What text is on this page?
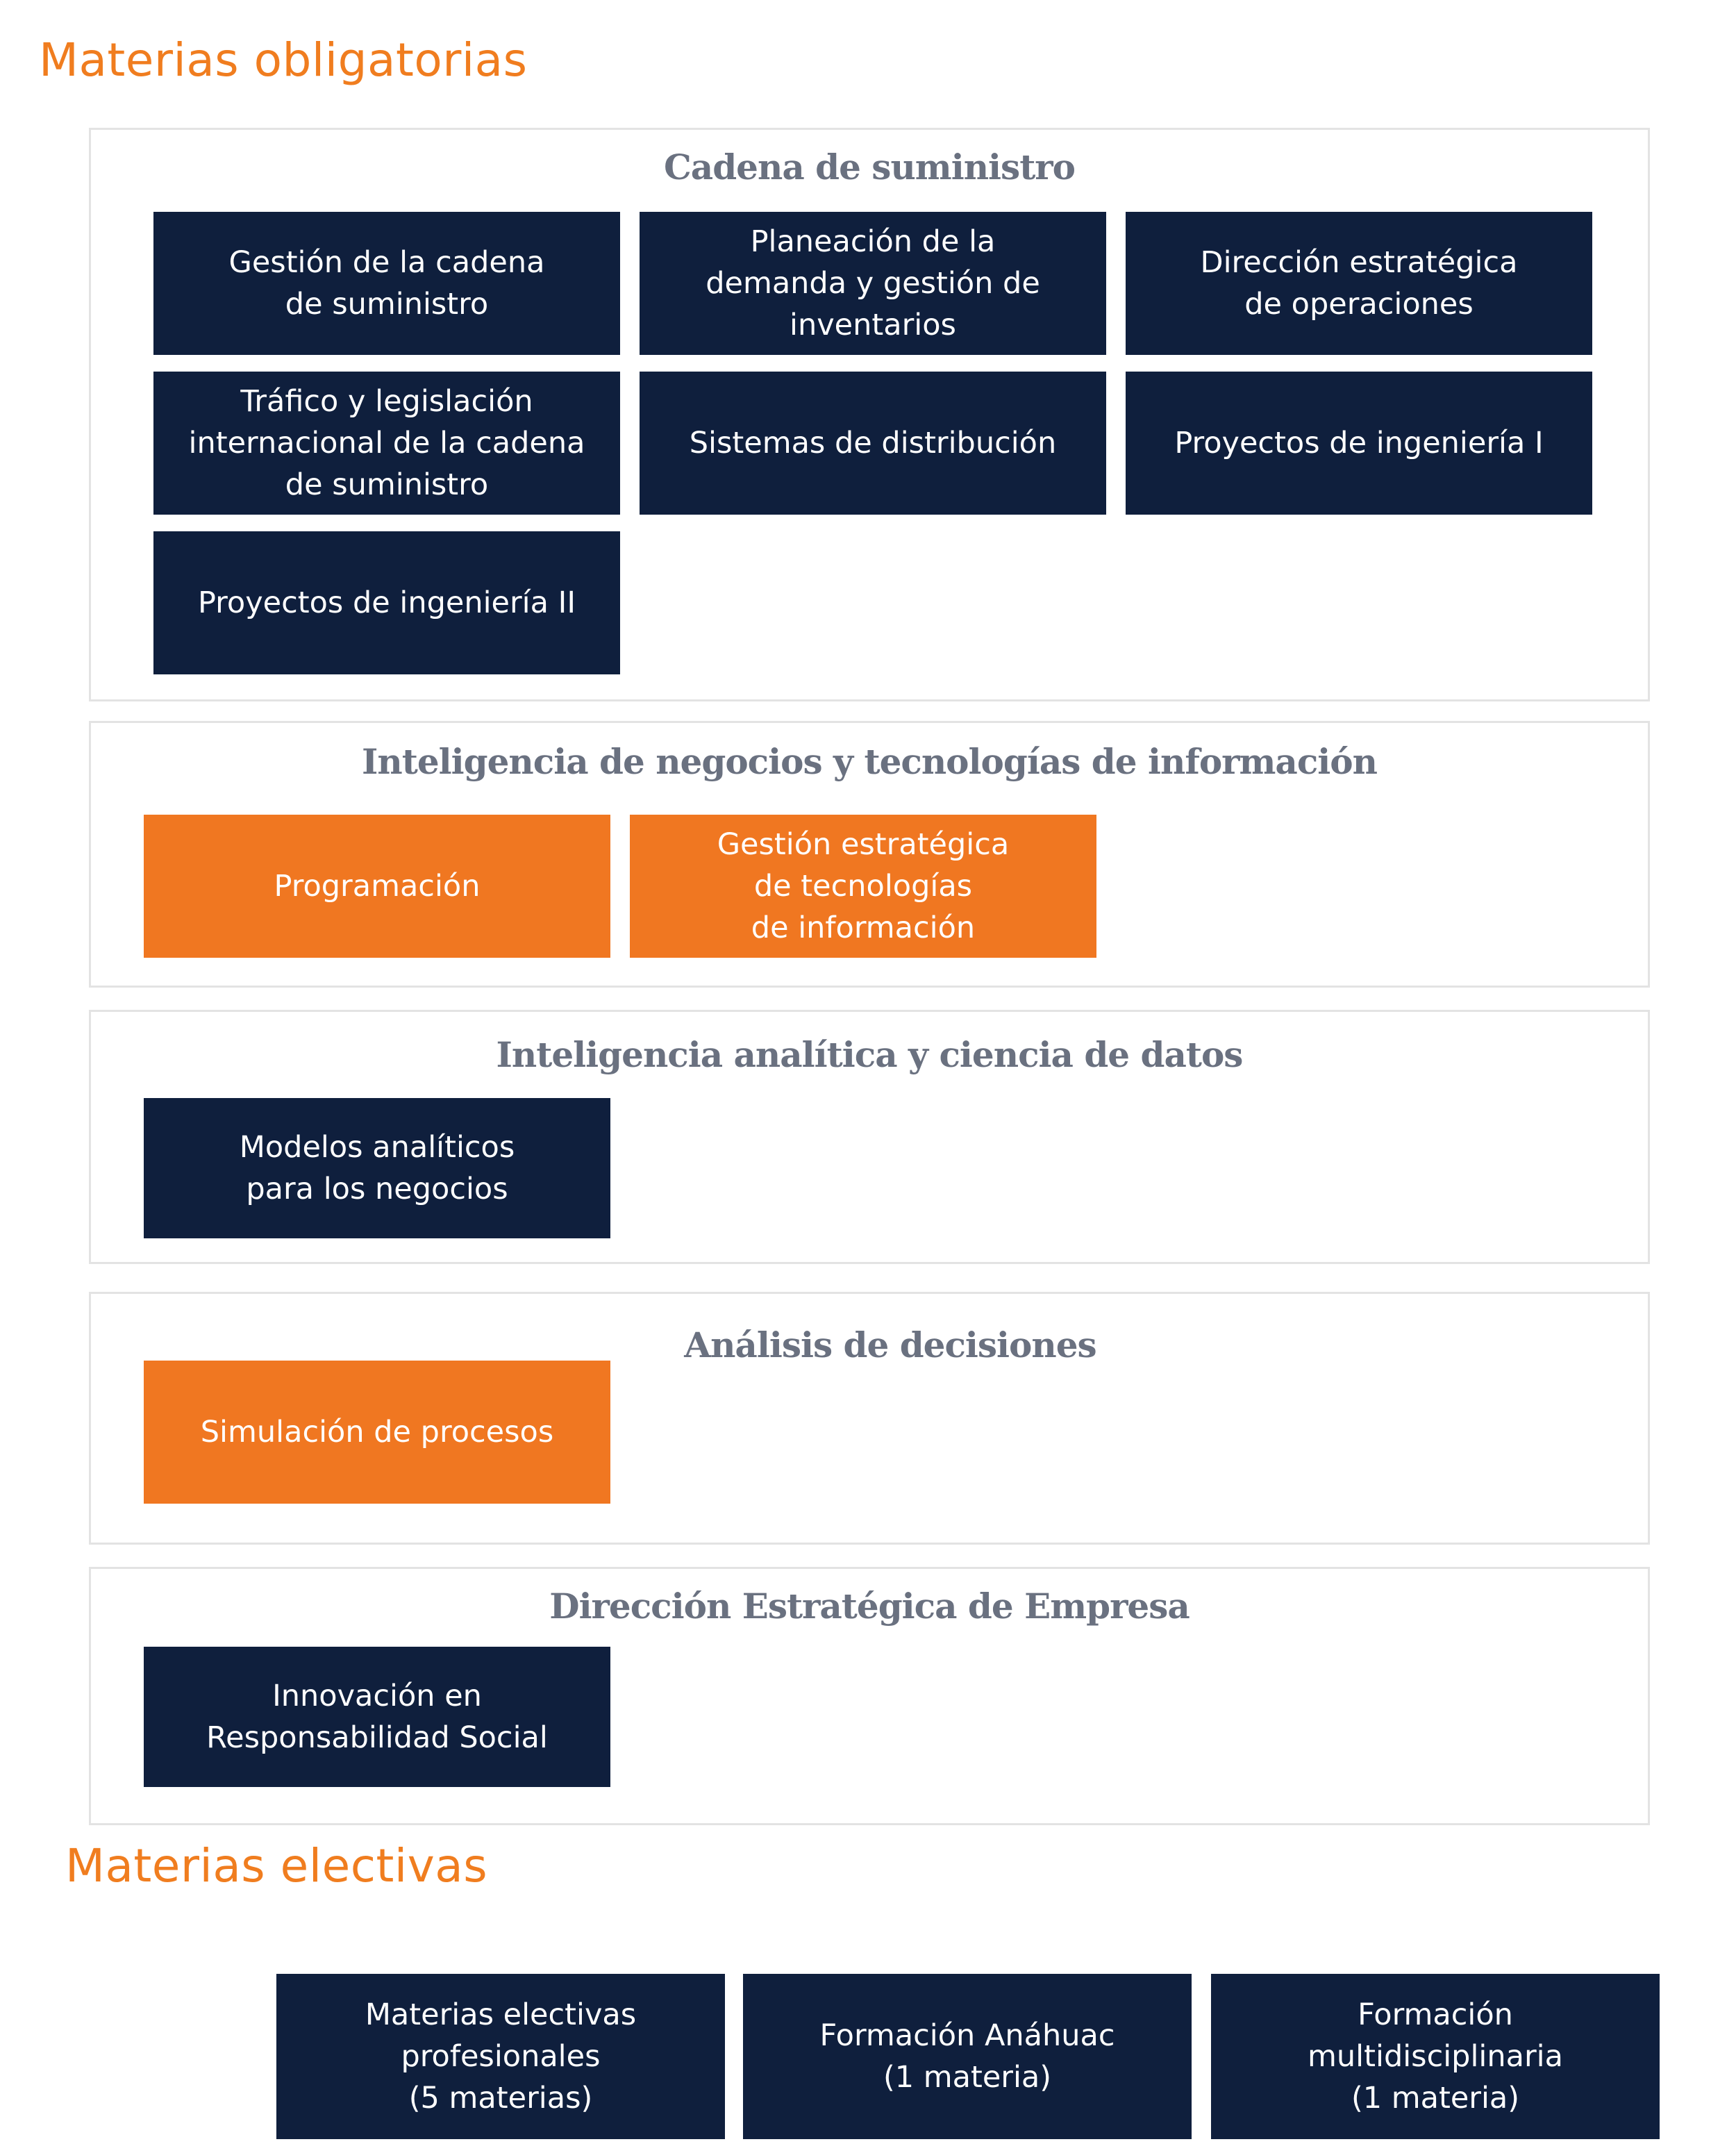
Materias obligatorias
Cadena de suministro
Gestión de la cadena
de suministro
Planeación de la
demanda y gestión de
inventarios
Dirección estratégica
de operaciones
Tráfico y legislación
internacional de la cadena
de suministro
Sistemas de distribución	Proyectos de ingeniería I
Proyectos de ingeniería II
Inteligencia de negocios y tecnologías de información
Programación
Gestión estratégica
de tecnologías
de información
Inteligencia analítica y ciencia de datos
Modelos analíticos
para los negocios
Análisis de decisiones
Simulación de procesos
Dirección Estratégica de Empresa
Innovación en
Responsabilidad Social
Materias electivas
Materias electivas
profesionales
(5 materias)
Formación Anáhuac
(1 materia)
Formación
multidisciplinaria
(1 materia)
